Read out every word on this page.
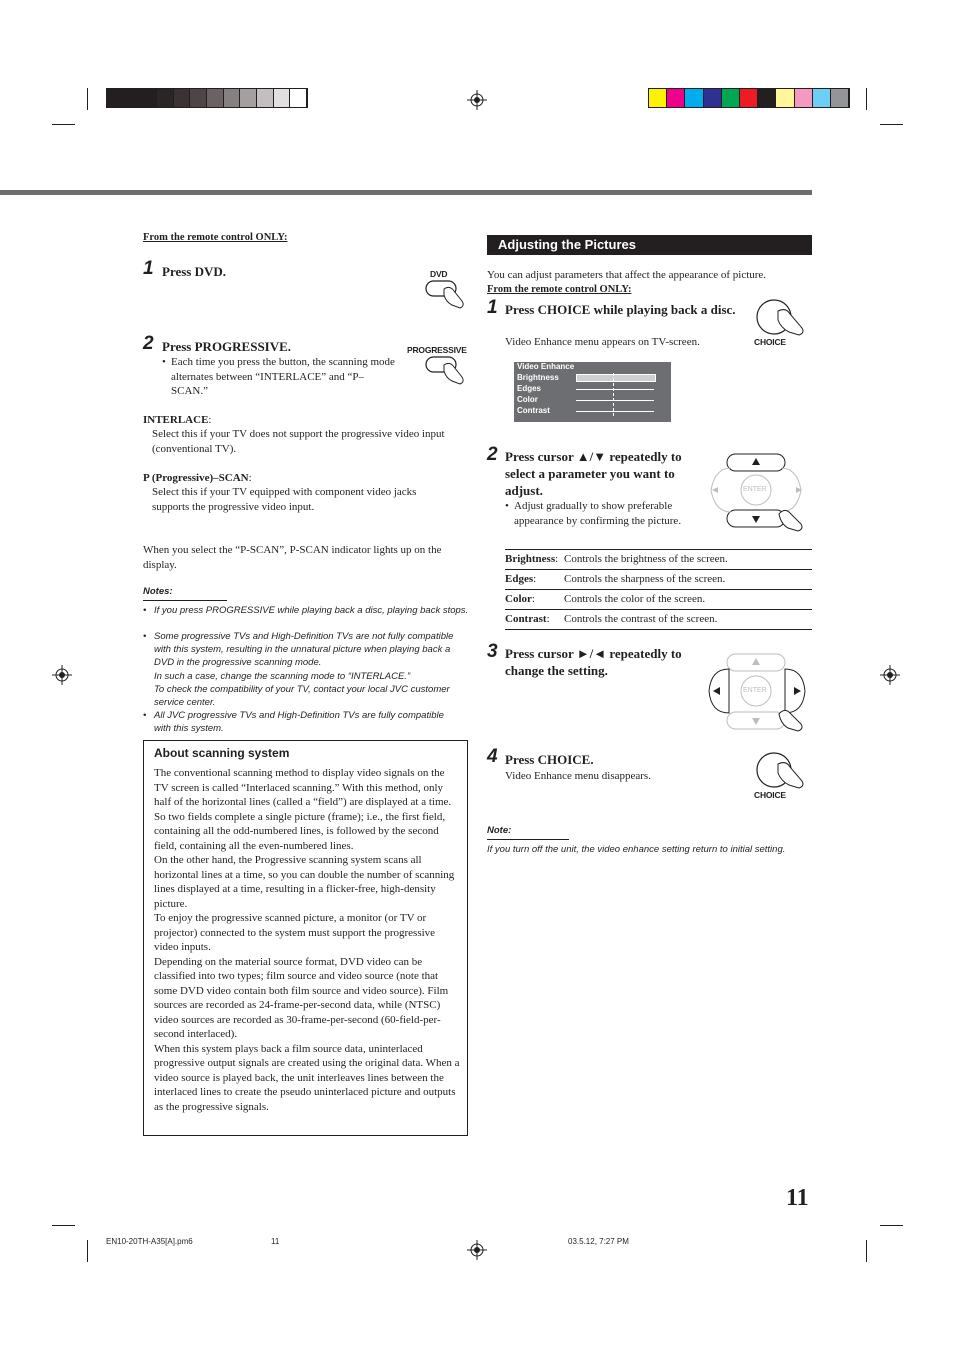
From the remote control ONLY:
1 Press DVD.	DVD
2 Press PROGRESSIVE.	PROGRESSIVE
• Each time you press the button, the scanning mode alternates between “INTERLACE” and “P–SCAN.”
INTERLACE:
Select this if your TV does not support the progressive video input (conventional TV).
P (Progressive)–SCAN:
Select this if your TV equipped with component video jacks supports the progressive video input.
When you select the “P-SCAN”, P-SCAN indicator lights up on the display.
Notes:
• If you press PROGRESSIVE while playing back a disc, playing back stops.
• Some progressive TVs and High-Definition TVs are not fully compatible with this system, resulting in the unnatural picture when playing back a DVD in the progressive scanning mode.
In such a case, change the scanning mode to “INTERLACE.”
To check the compatibility of your TV, contact your local JVC customer service center.
• All JVC progressive TVs and High-Definition TVs are fully compatible with this system.
About scanning system
The conventional scanning method to display video signals on the TV screen is called “Interlaced scanning.” With this method, only half of the horizontal lines (called a “field”) are displayed at a time. So two fields complete a single picture (frame); i.e., the first field, containing all the odd-numbered lines, is followed by the second field, containing all the even-numbered lines.
On the other hand, the Progressive scanning system scans all horizontal lines at a time, so you can double the number of scanning lines displayed at a time, resulting in a flicker-free, high-density picture.
To enjoy the progressive scanned picture, a monitor (or TV or projector) connected to the system must support the progressive video inputs.
Depending on the material source format, DVD video can be classified into two types; film source and video source (note that some DVD video contain both film source and video source). Film sources are recorded as 24-frame-per-second data, while (NTSC) video sources are recorded as 30-frame-per-second (60-field-per-second interlaced).
When this system plays back a film source data, uninterlaced progressive output signals are created using the original data. When a video source is played back, the unit interleaves lines between the interlaced lines to create the pseudo uninterlaced picture and outputs as the progressive signals.
Adjusting the Pictures
You can adjust parameters that affect the appearance of picture.
From the remote control ONLY:
1 Press CHOICE while playing back a disc.
Video Enhance menu appears on TV-screen.	CHOICE
Video Enhance
Brightness
Edges
Color
Contrast
2 Press cursor ▲/▼ repeatedly to
select a parameter you want to
adjust.
• Adjust gradually to show preferable appearance by confirming the picture.
ENTER
Brightness:	Controls the brightness of the screen.
Edges:	Controls the sharpness of the screen.
Color:	Controls the color of the screen.
Contrast:	Controls the contrast of the screen.
3 Press cursor ►/◄ repeatedly to
change the setting.
ENTER
4 Press CHOICE.
Video Enhance menu disappears.
CHOICE
Note:
If you turn off the unit, the video enhance setting return to initial setting.
11
EN10-20TH-A35[A].pm6	11	03.5.12, 7:27 PM
